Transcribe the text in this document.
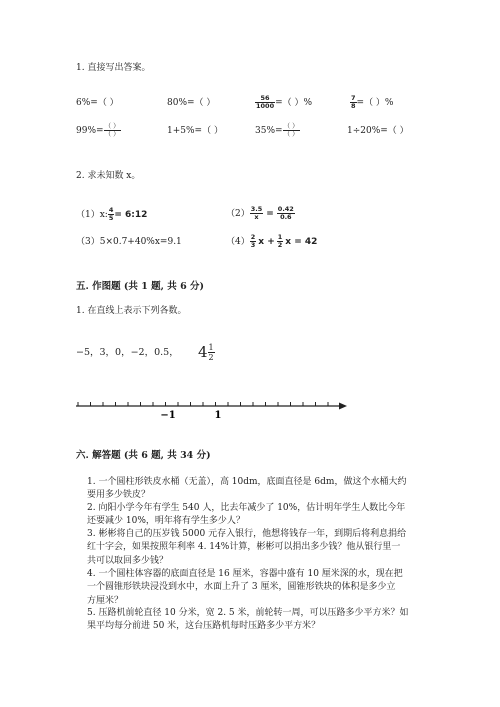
1. 直接写出答案。
6%=（ ）	80%=（ ）	$\frac{56}{1000}$ =（ ）%	$\frac{7}{8}$ =（ ）%
$99\%= \frac{( )}{( )}$	1+5%=（ ）	$35\%= \frac{( )}{( )}$	1÷20%=（ ）
2. 求未知数 x。
（1）x: $\frac{4}{5}$ = 6:12	$(2) \frac{3.5}{x} = \frac{0.42}{0.6}$
（3）5×0.7+40%x=9.1	$(4) \frac{2}{3}$ $x + \frac{1}{2}$ x = 42
五. 作图题 (共 1 题, 共 6 分)
1. 在直线上表示下列各数。
−5，3，0，−2，0.5， $4 \frac{1}{2}$
−1	1
六. 解答题 (共 6 题, 共 34 分)

1. 一个圆柱形铁皮水桶（无盖），高 10dm，底面直径是 6dm，做这个水桶大约

要用多少铁皮？

2. 向阳小学今年有学生 540 人，比去年减少了 10%，估计明年学生人数比今年

还要减少 10%，明年将有学生多少人？

3. 彬彬将自己的压岁钱 5000 元存入银行，他想将钱存一年，到期后将利息捐给

红十字会，如果按照年利率 4. 14%计算，彬彬可以捐出多少钱？他从银行里一

共可以取回多少钱？

4. 一个圆柱体容器的底面直径是 16 厘米，容器中盛有 10 厘米深的水，现在把

一个圆锥形铁块浸没到水中，水面上升了 3 厘米，圆锥形铁块的体积是多少立

方厘米？

5. 压路机前轮直径 10 分米，宽 2. 5 米，前轮转一周，可以压路多少平方米？如

果平均每分前进 50 米，这台压路机每时压路多少平方米？
